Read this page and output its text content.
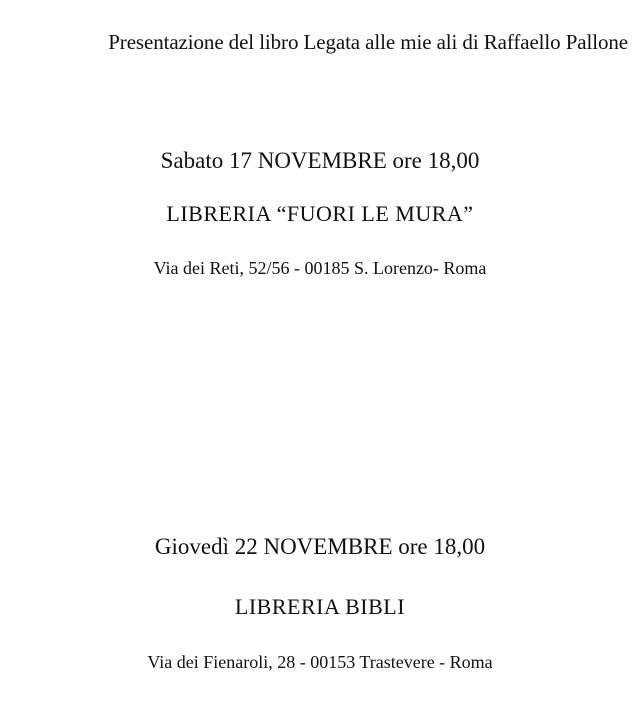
Presentazione del libro Legata alle mie ali di Raffaello Pallone
Sabato 17 NOVEMBRE ore 18,00
LIBRERIA “FUORI LE MURA”
Via dei Reti, 52/56 - 00185 S. Lorenzo- Roma
Giovedì 22 NOVEMBRE ore 18,00
LIBRERIA BIBLI
Via dei Fienaroli, 28 - 00153 Trastevere - Roma
